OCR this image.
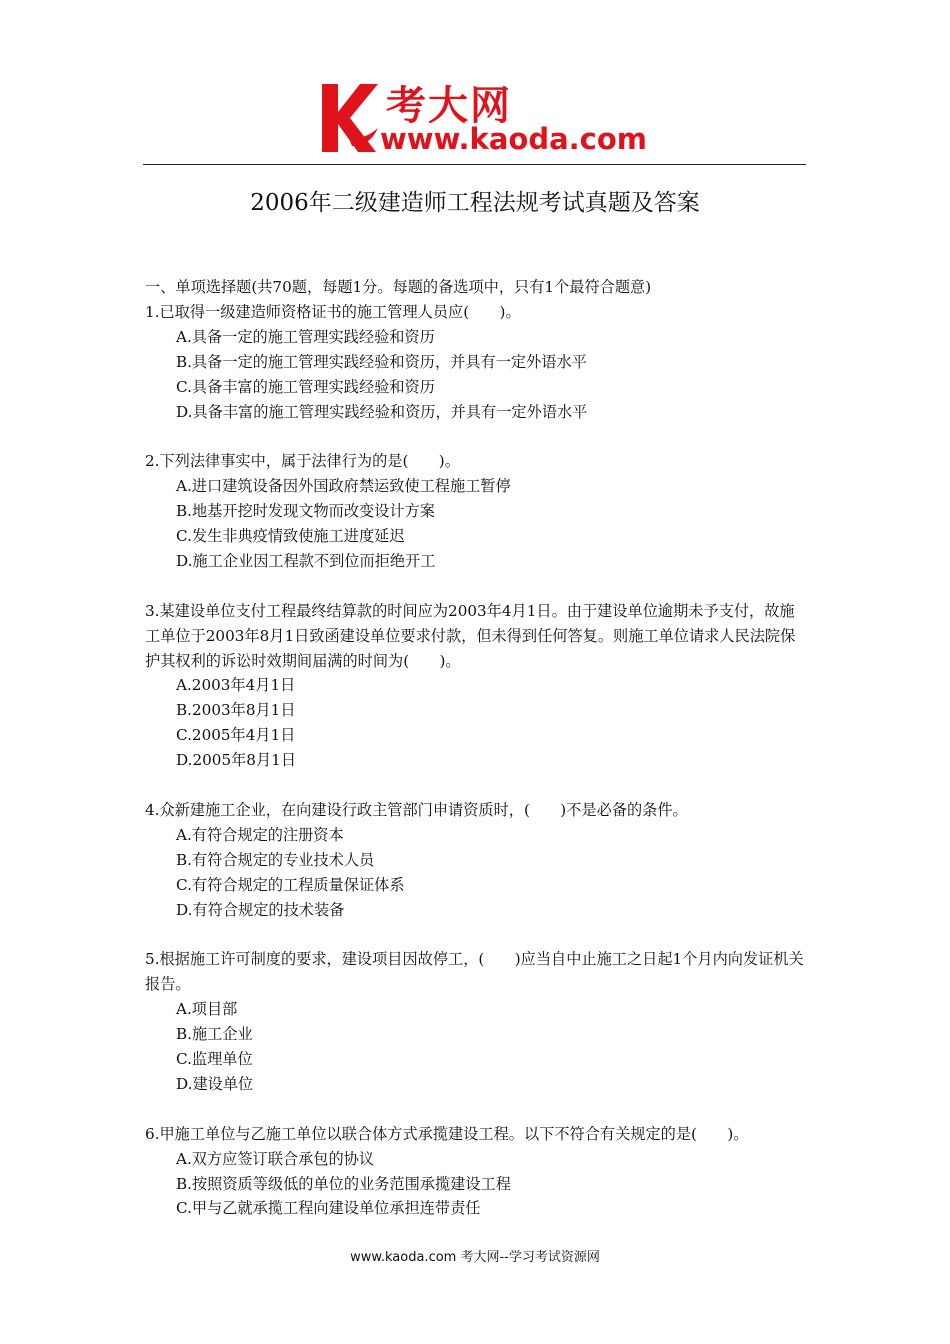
考大网
www.kaoda.com
2006年二级建造师工程法规考试真题及答案

一、单项选择题(共70题，每题1分。每题的备选项中，只有1个最符合题意)

1.已取得一级建造师资格证书的施工管理人员应(　　)。

A.具备一定的施工管理实践经验和资历

B.具备一定的施工管理实践经验和资历，并具有一定外语水平

C.具备丰富的施工管理实践经验和资历

D.具备丰富的施工管理实践经验和资历，并具有一定外语水平

2.下列法律事实中，属于法律行为的是(　　)。

A.进口建筑设备因外国政府禁运致使工程施工暂停

B.地基开挖时发现文物而改变设计方案

C.发生非典疫情致使施工进度延迟

D.施工企业因工程款不到位而拒绝开工

3.某建设单位支付工程最终结算款的时间应为2003年4月1日。由于建设单位逾期未予支付，故施工单位于2003年8月1日致函建设单位要求付款，但未得到任何答复。则施工单位请求人民法院保护其权利的诉讼时效期间届满的时间为(　　)。

A.2003年4月1日

B.2003年8月1日

C.2005年4月1日

D.2005年8月1日

4.众新建施工企业，在向建设行政主管部门申请资质时，(　　)不是必备的条件。

A.有符合规定的注册资本

B.有符合规定的专业技术人员

C.有符合规定的工程质量保证体系

D.有符合规定的技术装备

5.根据施工许可制度的要求，建设项目因故停工，(　　)应当自中止施工之日起1个月内向发证机关报告。

A.项目部

B.施工企业

C.监理单位

D.建设单位

6.甲施工单位与乙施工单位以联合体方式承揽建设工程。以下不符合有关规定的是(　　)。

A.双方应签订联合承包的协议

B.按照资质等级低的单位的业务范围承揽建设工程

C.甲与乙就承揽工程向建设单位承担连带责任

www.kaoda.com 考大网--学习考试资源网
